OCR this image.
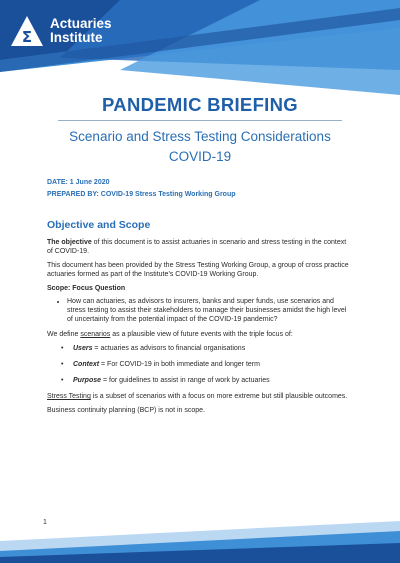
Σ
Actuaries
Institute
PANDEMIC BRIEFING

Scenario and Stress Testing Considerations

COVID-19

DATE: 1 June 2020
PREPARED BY: COVID-19 Stress Testing Working Group
Objective and Scope

The objective of this document is to assist actuaries in scenario and stress testing in the context of COVID-19.

This document has been provided by the Stress Testing Working Group, a group of cross practice actuaries formed as part of the Institute’s COVID-19 Working Group.

Scope: Focus Question
• How can actuaries, as advisors to insurers, banks and super funds, use scenarios and stress testing to assist their stakeholders to manage their businesses amidst the high level of uncertainty from the potential impact of the COVID-19 pandemic?

We define scenarios as a plausible view of future events with the triple focus of:

• Users = actuaries as advisors to financial organisations
• Context = For COVID-19 in both immediate and longer term
• Purpose = for guidelines to assist in range of work by actuaries

Stress Testing is a subset of scenarios with a focus on more extreme but still plausible outcomes.

Business continuity planning (BCP) is not in scope.

1
